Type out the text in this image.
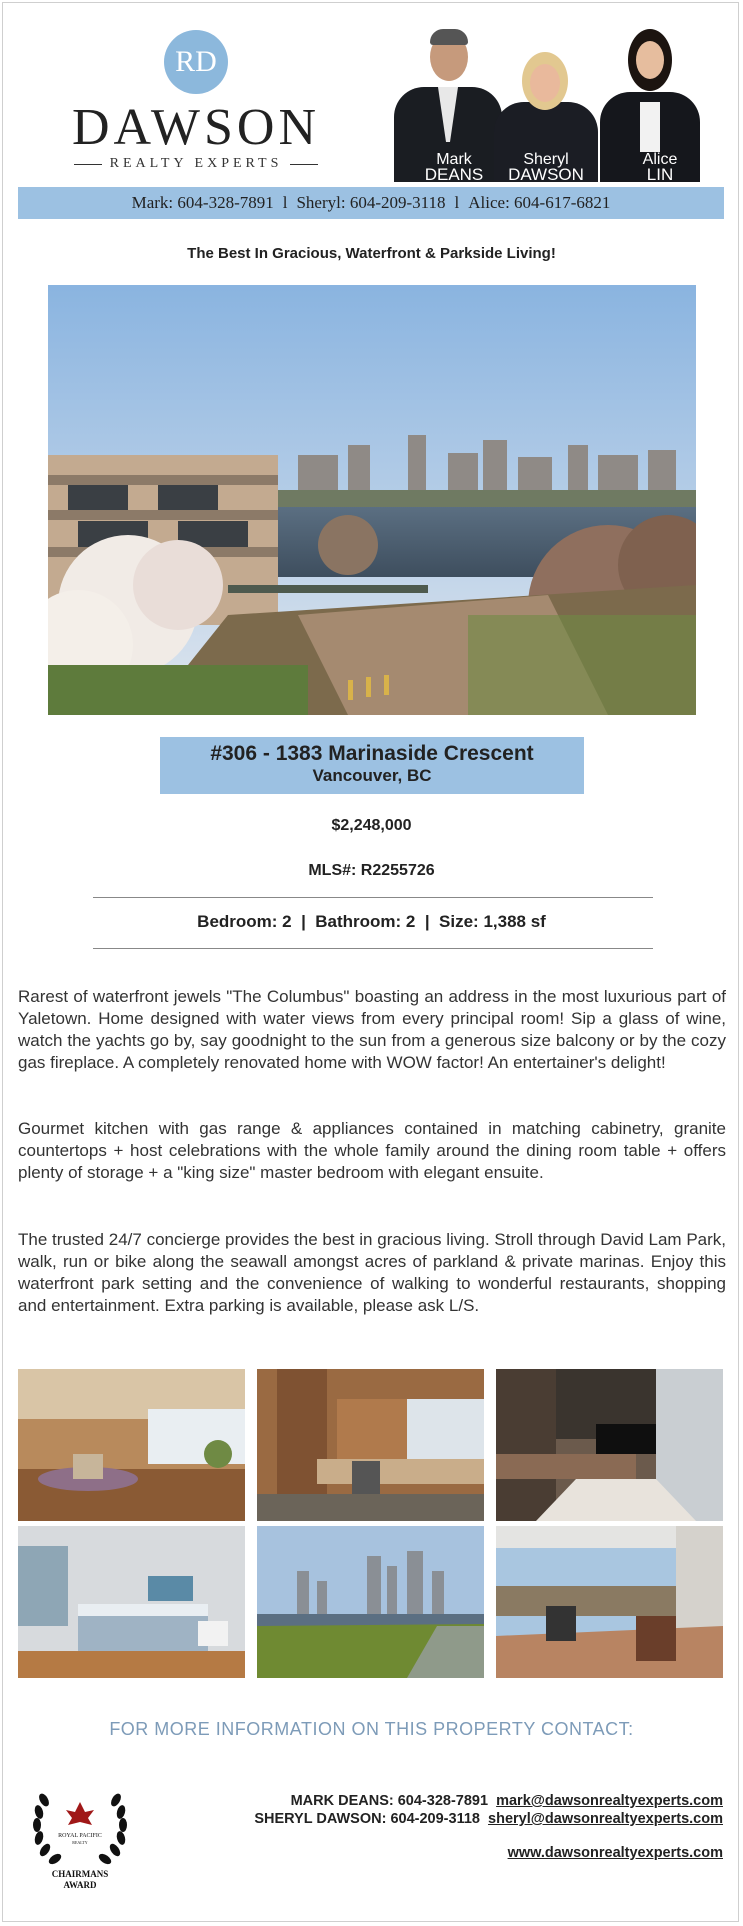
RD
DAWSON
REALTY EXPERTS	Mark
DEANS
Sheryl
DAWSON
Alice
LIN
Mark: 604-328-7891 l Sheryl: 604-209-3118 l Alice: 604-617-6821
The Best In Gracious, Waterfront & Parkside Living!
#306 - 1383 Marinaside Crescent
Vancouver, BC
$2,248,000
MLS#: R2255726
Bedroom: 2  |  Bathroom: 2  |  Size: 1,388 sf

Rarest of waterfront jewels "The Columbus" boasting an address in the most luxurious part of Yaletown. Home designed with water views from every principal room! Sip a glass of wine, watch the yachts go by, say goodnight to the sun from a generous size balcony or by the cozy gas fireplace. A completely renovated home with WOW factor! An entertainer's delight!

Gourmet kitchen with gas range & appliances contained in matching cabinetry, granite countertops + host celebrations with the whole family around the dining room table + offers plenty of storage + a "king size" master bedroom with elegant ensuite.

The trusted 24/7 concierge provides the best in gracious living. Stroll through David Lam Park, walk, run or bike along the seawall amongst acres of parkland & private marinas. Enjoy this waterfront park setting and the convenience of walking to wonderful restaurants, shopping and entertainment. Extra parking is available, please ask L/S.

FOR MORE INFORMATION ON THIS PROPERTY CONTACT:
ROYAL PACIFIC
REALTY
CHAIRMANS
AWARD
MARK DEANS: 604-328-7891 mark@dawsonrealtyexperts.com
SHERYL DAWSON: 604-209-3118 sheryl@dawsonrealtyexperts.com
www.dawsonrealtyexperts.com
